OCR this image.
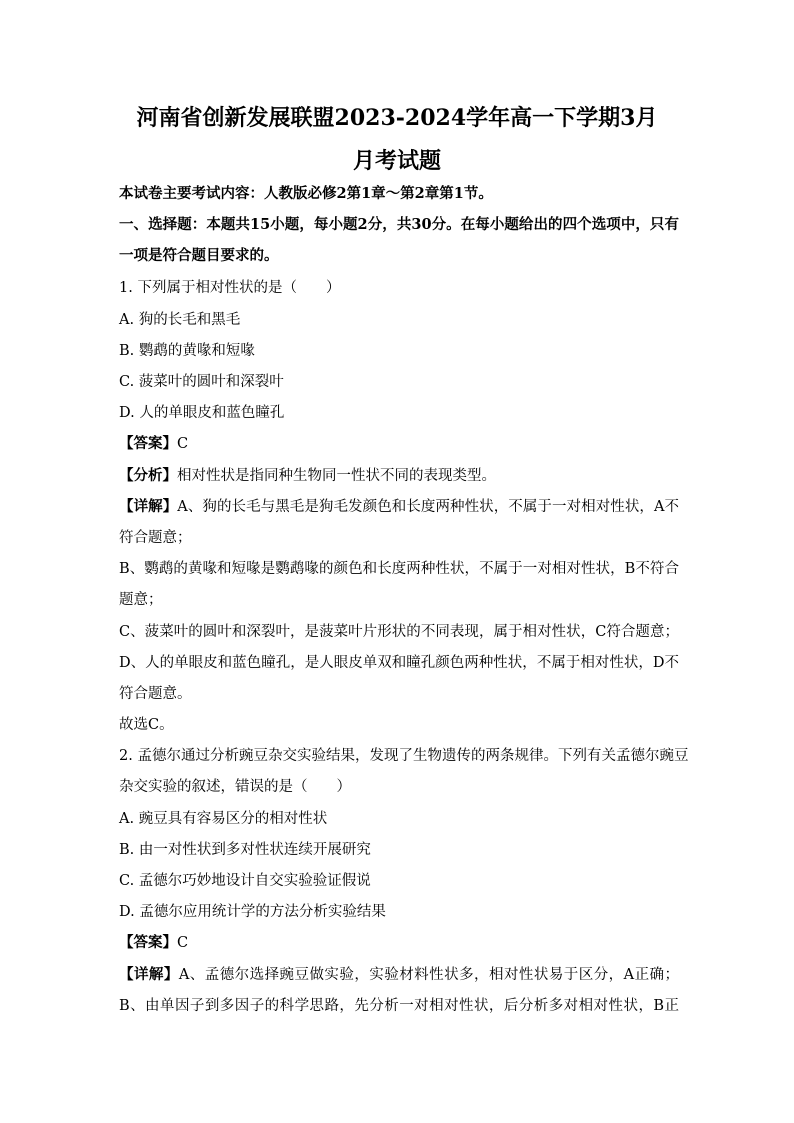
河南省创新发展联盟2023-2024学年高一下学期3月
月考试题

本试卷主要考试内容：人教版必修2第1章～第2章第1节。

一、选择题：本题共15小题，每小题2分，共30分。在每小题给出的四个选项中，只有

一项是符合题目要求的。

1. 下列属于相对性状的是（　　）

A. 狗的长毛和黑毛

B. 鹦鹉的黄喙和短喙

C. 菠菜叶的圆叶和深裂叶

D. 人的单眼皮和蓝色瞳孔

【答案】C

【分析】相对性状是指同种生物同一性状不同的表现类型。

【详解】A、狗的长毛与黑毛是狗毛发颜色和长度两种性状，不属于一对相对性状，A不

符合题意；

B、鹦鹉的黄喙和短喙是鹦鹉喙的颜色和长度两种性状，不属于一对相对性状，B不符合

题意；

C、菠菜叶的圆叶和深裂叶，是菠菜叶片形状的不同表现，属于相对性状，C符合题意；

D、人的单眼皮和蓝色瞳孔，是人眼皮单双和瞳孔颜色两种性状，不属于相对性状，D不

符合题意。

故选C。

2. 孟德尔通过分析豌豆杂交实验结果，发现了生物遗传的两条规律。下列有关孟德尔豌豆

杂交实验的叙述，错误的是（　　）

A. 豌豆具有容易区分的相对性状

B. 由一对性状到多对性状连续开展研究

C. 孟德尔巧妙地设计自交实验验证假说

D. 孟德尔应用统计学的方法分析实验结果

【答案】C

【详解】A、孟德尔选择豌豆做实验，实验材料性状多，相对性状易于区分，A正确；

B、由单因子到多因子的科学思路，先分析一对相对性状，后分析多对相对性状，B正
